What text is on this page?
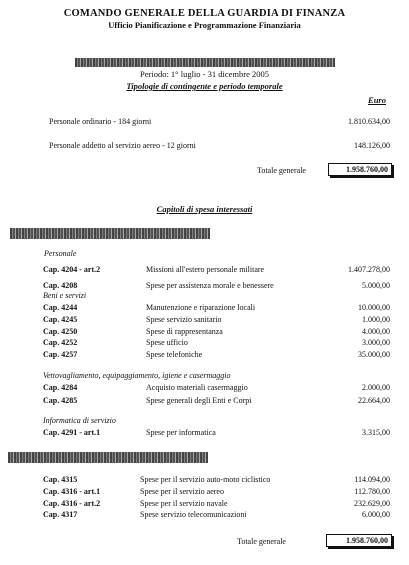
COMANDO GENERALE DELLA GUARDIA DI FINANZA
Ufficio Pianificazione e Programmazione Finanziaria
Periodo: 1° luglio - 31 dicembre 2005
Tipologie di contingente e periodo temporale
Euro
Personale ordinario - 184 giorni	1.810.634,00
Personale addetto al servizio aereo - 12 giorni	148.126,00
Totale generale	1.958.760,00
Capitoli di spesa interessati
Personale
Cap. 4204 - art.2	Missioni all'estero personale militare	1.407.278,00
Cap. 4208	Spese per assistenza morale e benessere	5.000,00
Beni e servizi
Cap. 4244	Manutenzione e riparazione locali	10.000,00
Cap. 4245	Spese servizio sanitario	1.000,00
Cap. 4250	Spese di rappresentanza	4.000,00
Cap. 4252	Spese ufficio	3.000,00
Cap. 4257	Spese telefoniche	35.000,00
Vettovagliamento, equipaggiamento, igiene e casermaggio
Cap. 4284	Acquisto materiali casermaggio	2.000,00
Cap. 4285	Spese generali degli Enti e Corpi	22.664,00
Informatica di servizio
Cap. 4291 - art.1	Spese per informatica	3.315,00
Cap. 4315	Spese per il servizio auto-moto ciclistico	114.094,00
Cap. 4316 - art.1	Spese per il servizio aereo	112.780,00
Cap. 4316 - art.2	Spese per il servizio navale	232.629,00
Cap. 4317	Spese servizio telecomunicazioni	6.000,00
Totale generale	1.958.760,00
